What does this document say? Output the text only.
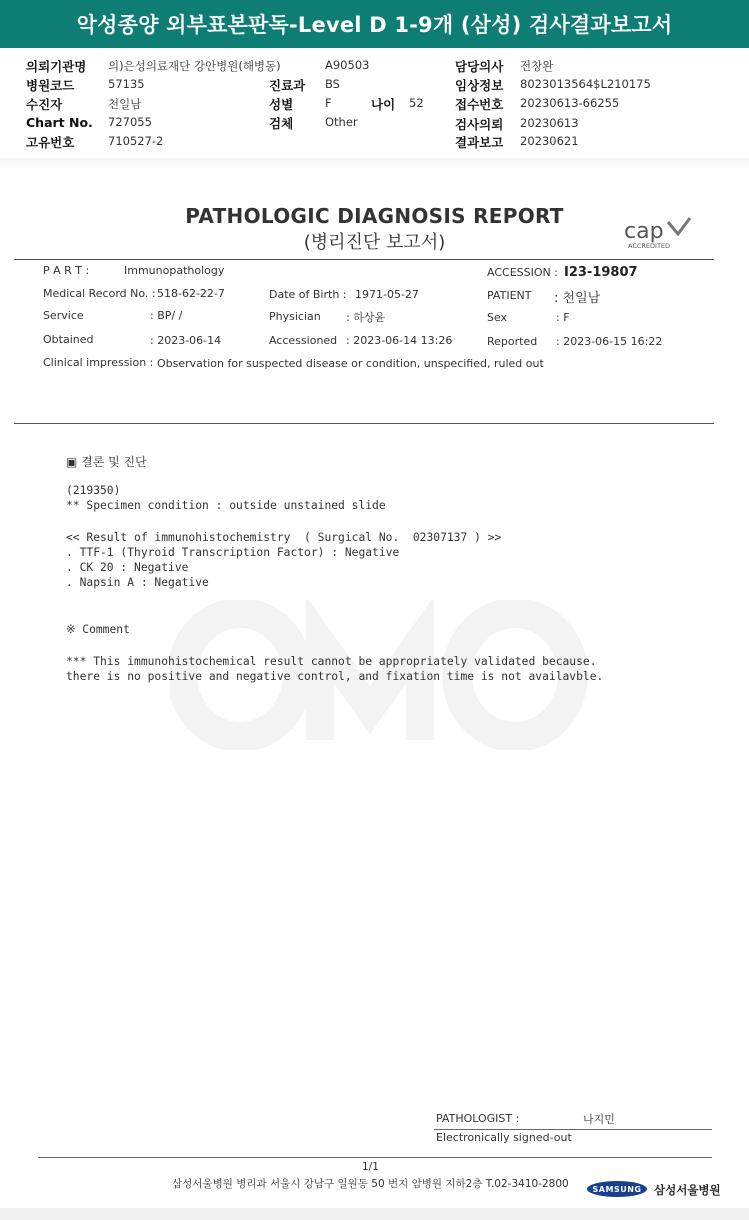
악성종양 외부표본판독-Level D 1-9개 (삼성) 검사결과보고서
의뢰기관명 의)은성의료재단 강안병원(해병동)	A90503	담당의사 전창완
병원코드	57135	진료과 BS	임상정보 8023013564$L210175
수진자	천일남	성별	F	나이 52	접수번호 20230613-66255
Chart No. 727055	검체	Other	검사의뢰 20230613
고유번호	710527-2	결과보고 20230621
PATHOLOGIC DIAGNOSIS REPORT
(병리진단 보고서)	cap
ACCREDITED
P A R T :	Immunopathology	ACCESSION : I23-19807
Medical Record No. : 518-62-22-7	Date of Birth : 1971-05-27	PATIENT : 천일남
Service	: BP/ /	Physician : 하상윤	Sex	: F
Obtained	: 2023-06-14	Accessioned : 2023-06-14 13:26	Reported : 2023-06-15 16:22
Clinical impression : Observation for suspected disease or condition, unspecified, ruled out
▣ 결론 및 진단
(219350)
** Specimen condition : outside unstained slide
<< Result of immunohistochemistry  ( Surgical No.  02307137 ) >>
. TTF-1 (Thyroid Transcription Factor) : Negative
. CK 20 : Negative
. Napsin A : Negative
※ Comment
*** This immunohistochemical result cannot be appropriately validated because.
there is no positive and negative control, and fixation time is not availavble.
PATHOLOGIST :	나지민
Electronically signed-out
1/1
삼성서울병원 병리과 서울시 강남구 일원동 50 번지 암병원 지하2층 T.02-3410-2800	SAMSUNG	삼성서울병원
